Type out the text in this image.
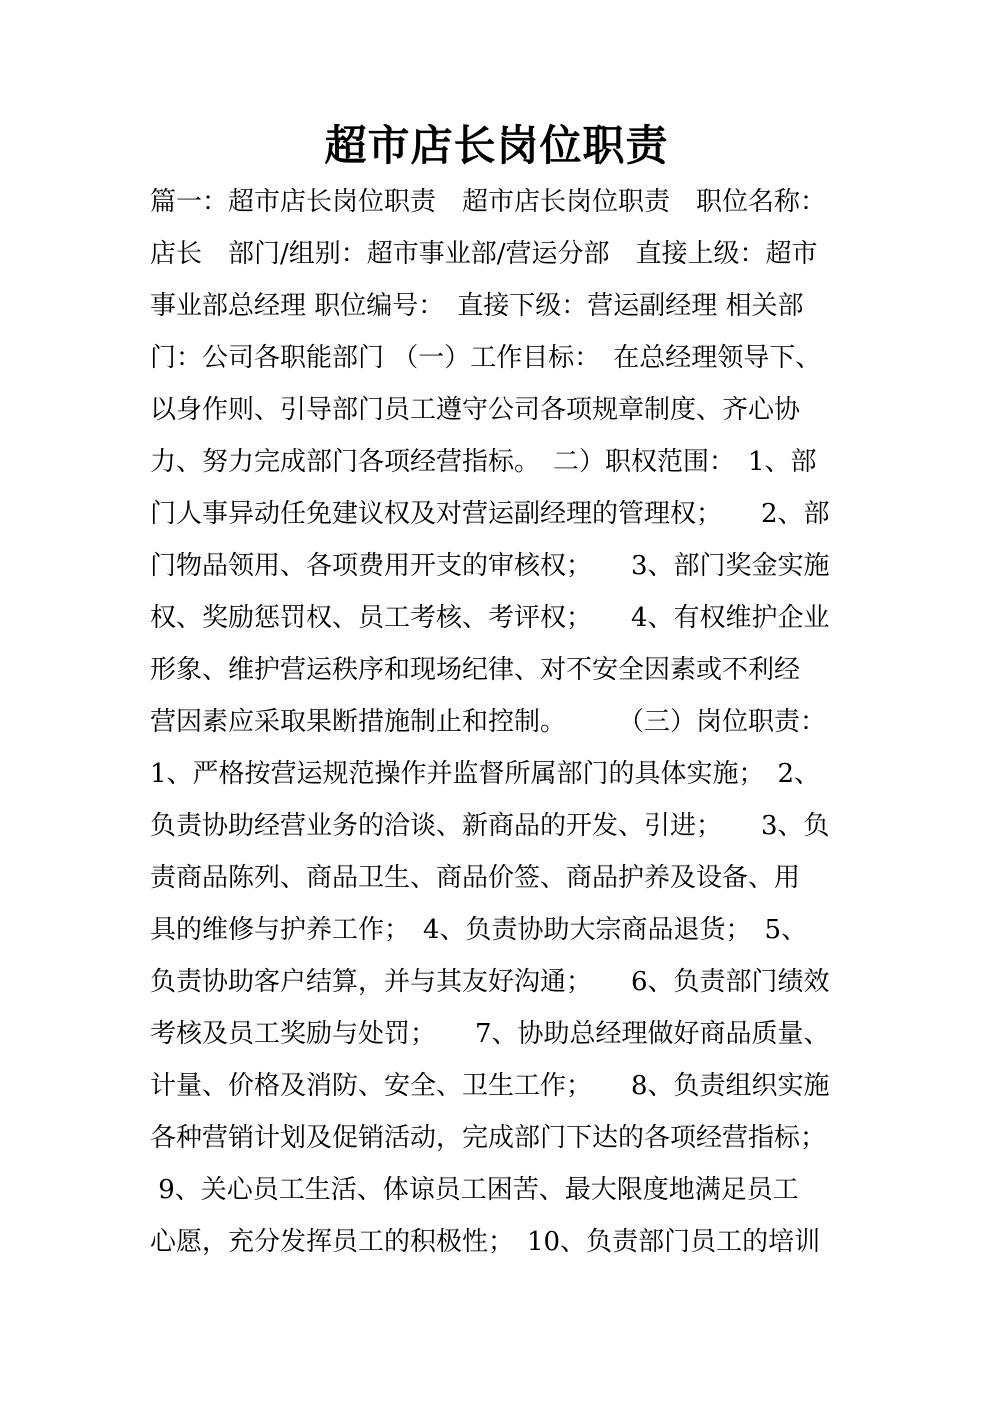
超市店长岗位职责
篇一：超市店长岗位职责　超市店长岗位职责　职位名称：
店长　部门/组别：超市事业部/营运分部　直接上级：超市
事业部总经理 职位编号：　直接下级：营运副经理 相关部
门：公司各职能部门 （一）工作目标：　在总经理领导下、
以身作则、引导部门员工遵守公司各项规章制度、齐心协
力、努力完成部门各项经营指标。　二）职权范围：　1、部
门人事异动任免建议权及对营运副经理的管理权；　　2、部
门物品领用、各项费用开支的审核权；　　3、部门奖金实施
权、奖励惩罚权、员工考核、考评权；　　4、有权维护企业
形象、维护营运秩序和现场纪律、对不安全因素或不利经
营因素应采取果断措施制止和控制。　　　（三）岗位职责：
1、严格按营运规范操作并监督所属部门的具体实施；　2、
负责协助经营业务的洽谈、新商品的开发、引进；　　3、负
责商品陈列、商品卫生、商品价签、商品护养及设备、用
具的维修与护养工作；　4、负责协助大宗商品退货；　5、
负责协助客户结算，并与其友好沟通；　　6、负责部门绩效
考核及员工奖励与处罚；　　7、协助总经理做好商品质量、
计量、价格及消防、安全、卫生工作；　　8、负责组织实施
各种营销计划及促销活动，完成部门下达的各项经营指标；
9、关心员工生活、体谅员工困苦、最大限度地满足员工
心愿，充分发挥员工的积极性；　10、负责部门员工的培训
